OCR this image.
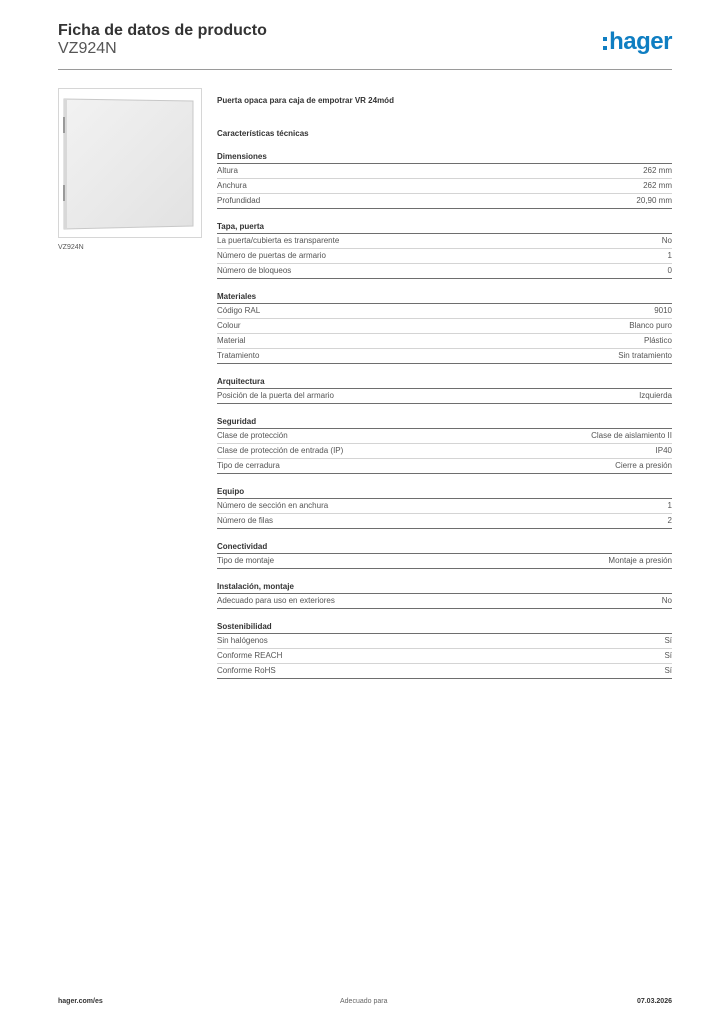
Ficha de datos de producto
VZ924N	hager
VZ924N
Puerta opaca para caja de empotrar VR 24mód
Características técnicas
Dimensiones
Altura	262 mm
Anchura	262 mm
Profundidad	20,90 mm
Tapa, puerta
La puerta/cubierta es transparente	No
Número de puertas de armario	1
Número de bloqueos	0
Materiales
Código RAL	9010
Colour	Blanco puro
Material	Plástico
Tratamiento	Sin tratamiento
Arquitectura
Posición de la puerta del armario	Izquierda
Seguridad
Clase de protección	Clase de aislamiento II
Clase de protección de entrada (IP)	IP40
Tipo de cerradura	Cierre a presión
Equipo
Número de sección en anchura	1
Número de filas	2
Conectividad
Tipo de montaje	Montaje a presión
Instalación, montaje
Adecuado para uso en exteriores	No
Sostenibilidad
Sin halógenos	Sí
Conforme REACH	Sí
Conforme RoHS	Sí
hager.com/es	Adecuado para	07.03.2026
